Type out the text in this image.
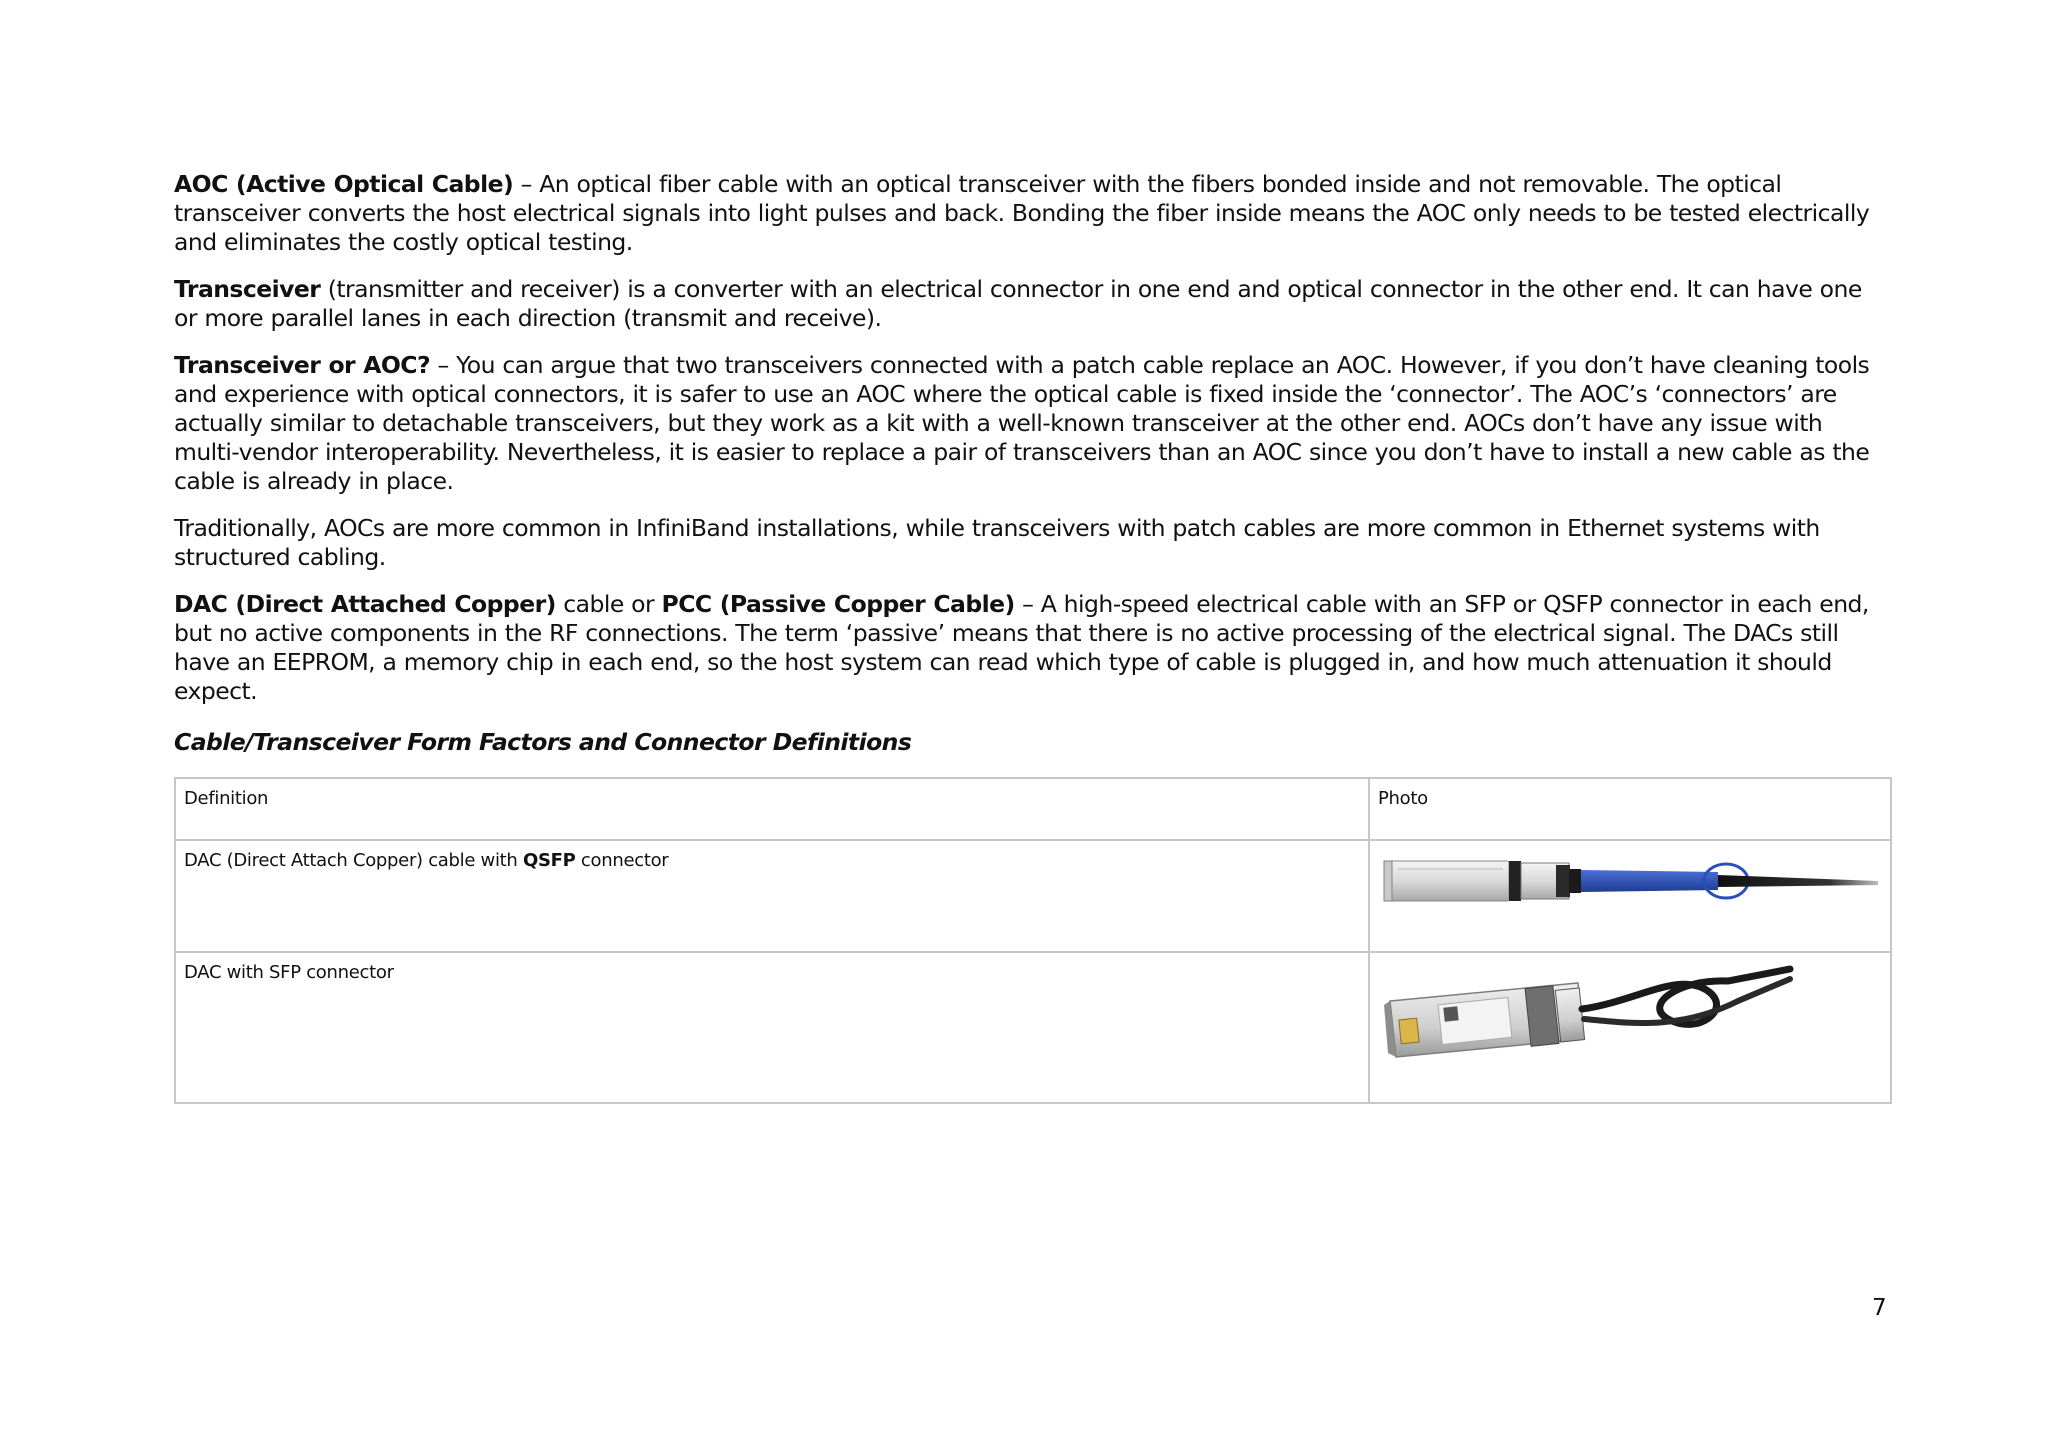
AOC (Active Optical Cable) – An optical fiber cable with an optical transceiver with the fibers bonded inside and not removable. The optical transceiver converts the host electrical signals into light pulses and back. Bonding the fiber inside means the AOC only needs to be tested electrically and eliminates the costly optical testing.

Transceiver (transmitter and receiver) is a converter with an electrical connector in one end and optical connector in the other end. It can have one or more parallel lanes in each direction (transmit and receive).

Transceiver or AOC? – You can argue that two transceivers connected with a patch cable replace an AOC. However, if you don’t have cleaning tools and experience with optical connectors, it is safer to use an AOC where the optical cable is fixed inside the ‘connector’. The AOC’s ‘connectors’ are actually similar to detachable transceivers, but they work as a kit with a well-known transceiver at the other end. AOCs don’t have any issue with multi-vendor interoperability. Nevertheless, it is easier to replace a pair of transceivers than an AOC since you don’t have to install a new cable as the cable is already in place.

Traditionally, AOCs are more common in InfiniBand installations, while transceivers with patch cables are more common in Ethernet systems with structured cabling.

DAC (Direct Attached Copper) cable or PCC (Passive Copper Cable) – A high-speed electrical cable with an SFP or QSFP connector in each end, but no active components in the RF connections. The term ‘passive’ means that there is no active processing of the electrical signal. The DACs still have an EEPROM, a memory chip in each end, so the host system can read which type of cable is plugged in, and how much attenuation it should expect.

Cable/Transceiver Form Factors and Connector Definitions
Definition	Photo
DAC (Direct Attach Copper) cable with QSFP connector	

DAC with SFP connector	
7
